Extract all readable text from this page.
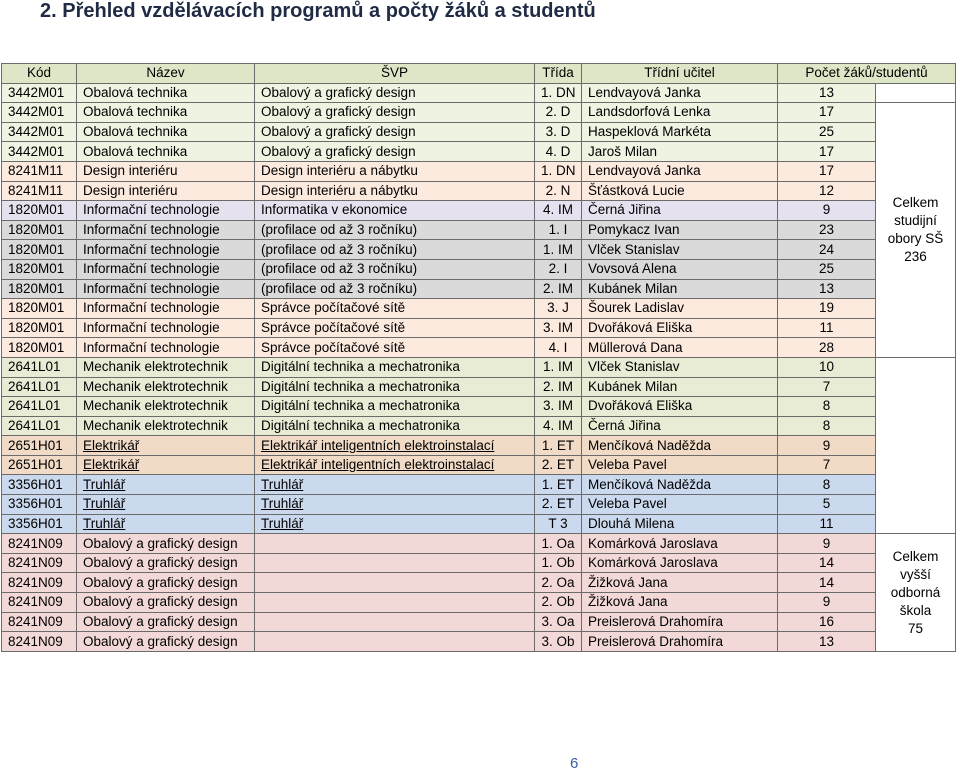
2. Přehled vzdělávacích programů a počty žáků a studentů
Kód	Název	ŠVP	Třída	Třídní učitel	Počet žáků/studentů		
3442M01	Obalová technika	Obalový a grafický design	1. DN	Lendvayová Janka	13		
3442M01	Obalová technika	Obalový a grafický design	2. D	Landsdorfová Lenka	17	Celkem studijní obory SŠ
236	

3442M01	Obalová technika	Obalový a grafický design	3. D	Haspeklová Markéta	25		
3442M01	Obalová technika	Obalový a grafický design	4. D	Jaroš Milan	17		
8241M11	Design interiéru	Design interiéru a nábytku	1. DN	Lendvayová Janka	17		
8241M11	Design interiéru	Design interiéru a nábytku	2. N	Šťástková Lucie	12		
1820M01	Informační technologie	Informatika v ekonomice	4. IM	Černá Jiřina	9		
1820M01	Informační technologie	(profilace od až 3 ročníku)	1. I	Pomykacz Ivan	23		
1820M01	Informační technologie	(profilace od až 3 ročníku)	1. IM	Vlček Stanislav	24		
1820M01	Informační technologie	(profilace od až 3 ročníku)	2. I	Vovsová Alena	25		
1820M01	Informační technologie	(profilace od až 3 ročníku)	2. IM	Kubánek Milan	13		
1820M01	Informační technologie	Správce počítačové sítě	3. J	Šourek Ladislav	19		
1820M01	Informační technologie	Správce počítačové sítě	3. IM	Dvořáková Eliška	11		
1820M01	Informační technologie	Správce počítačové sítě	4. I	Müllerová Dana	28		
2641L01	Mechanik elektrotechnik	Digitální technika a mechatronika	1. IM	Vlček Stanislav	10		
2641L01	Mechanik elektrotechnik	Digitální technika a mechatronika	2. IM	Kubánek Milan	7		
2641L01	Mechanik elektrotechnik	Digitální technika a mechatronika	3. IM	Dvořáková Eliška	8		
2641L01	Mechanik elektrotechnik	Digitální technika a mechatronika	4. IM	Černá Jiřina	8		
2651H01	Elektrikář	Elektrikář inteligentních elektroinstalací	1. ET	Menčíková Naděžda	9	

2651H01	Elektrikář	Elektrikář inteligentních elektroinstalací	2. ET	Veleba Pavel	7		
3356H01	Truhlář	Truhlář	1. ET	Menčíková Naděžda	8		
3356H01	Truhlář	Truhlář	2. ET	Veleba Pavel	5		
3356H01	Truhlář	Truhlář	T 3	Dlouhá Milena	11		
8241N09	Obalový a grafický design		1. Oa	Komárková Jaroslava	9	Celkem vyšší odborná škola
75	

8241N09	Obalový a grafický design		1. Ob	Komárková Jaroslava	14		
8241N09	Obalový a grafický design		2. Oa	Žižková Jana	14		
8241N09	Obalový a grafický design		2. Ob	Žižková Jana	9		
8241N09	Obalový a grafický design		3. Oa	Preislerová Drahomíra	16		
8241N09	Obalový a grafický design		3. Ob	Preislerová Drahomíra	13		
6
